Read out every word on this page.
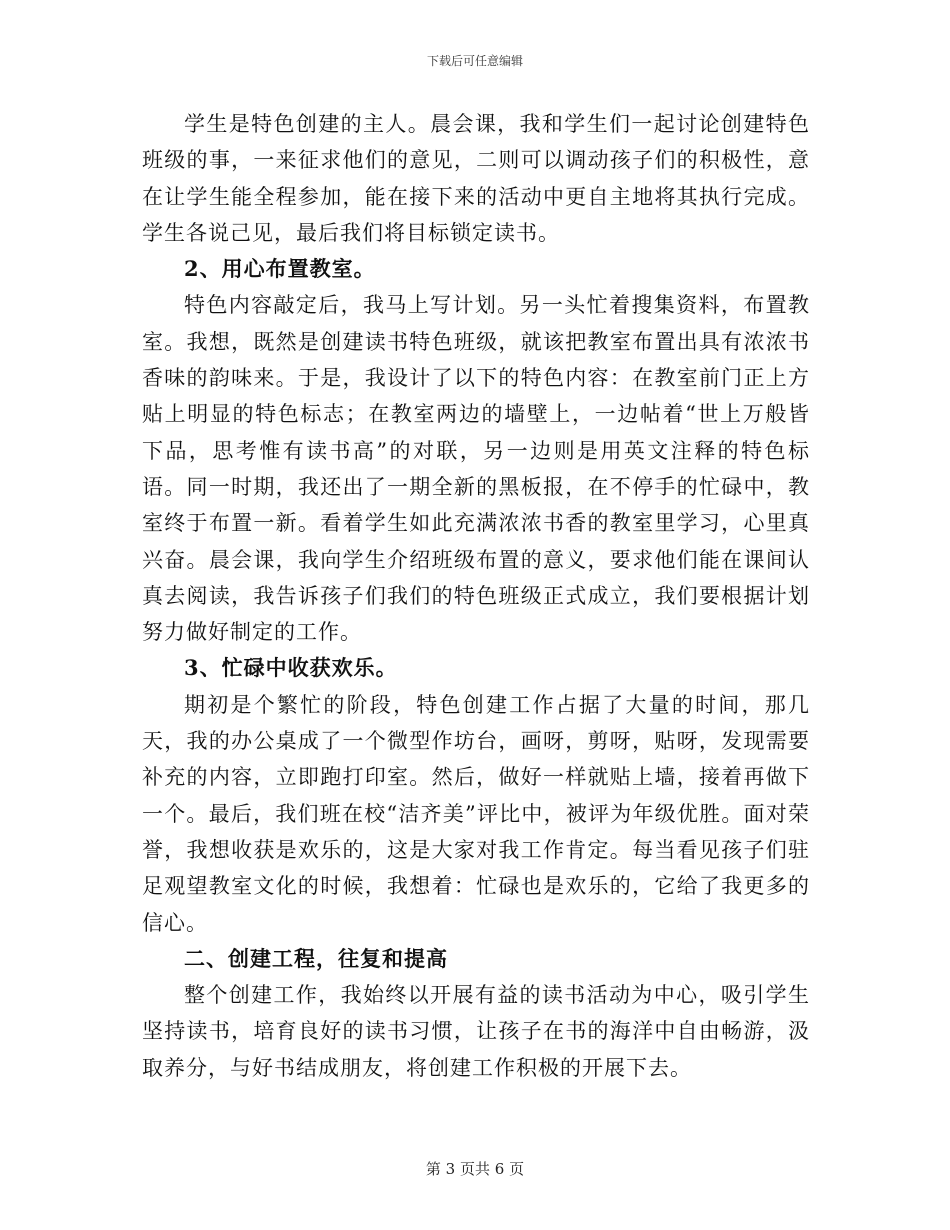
下载后可任意编辑

学生是特色创建的主人。晨会课，我和学生们一起讨论创建特色班级的事，一来征求他们的意见，二则可以调动孩子们的积极性，意在让学生能全程参加，能在接下来的活动中更自主地将其执行完成。学生各说己见，最后我们将目标锁定读书。

2、用心布置教室。

特色内容敲定后，我马上写计划。另一头忙着搜集资料，布置教室。我想，既然是创建读书特色班级，就该把教室布置出具有浓浓书香味的韵味来。于是，我设计了以下的特色内容：在教室前门正上方贴上明显的特色标志；在教室两边的墙壁上，一边帖着“世上万般皆下品，思考惟有读书高”的对联，另一边则是用英文注释的特色标语。同一时期，我还出了一期全新的黑板报，在不停手的忙碌中，教室终于布置一新。看着学生如此充满浓浓书香的教室里学习，心里真兴奋。晨会课，我向学生介绍班级布置的意义，要求他们能在课间认真去阅读，我告诉孩子们我们的特色班级正式成立，我们要根据计划努力做好制定的工作。

3、忙碌中收获欢乐。

期初是个繁忙的阶段，特色创建工作占据了大量的时间，那几天，我的办公桌成了一个微型作坊台，画呀，剪呀，贴呀，发现需要补充的内容，立即跑打印室。然后，做好一样就贴上墙，接着再做下一个。最后，我们班在校“洁齐美”评比中，被评为年级优胜。面对荣誉，我想收获是欢乐的，这是大家对我工作肯定。每当看见孩子们驻足观望教室文化的时候，我想着：忙碌也是欢乐的，它给了我更多的信心。

二、创建工程，往复和提高

整个创建工作，我始终以开展有益的读书活动为中心，吸引学生坚持读书，培育良好的读书习惯，让孩子在书的海洋中自由畅游，汲取养分，与好书结成朋友，将创建工作积极的开展下去。

第 3 页共 6 页
